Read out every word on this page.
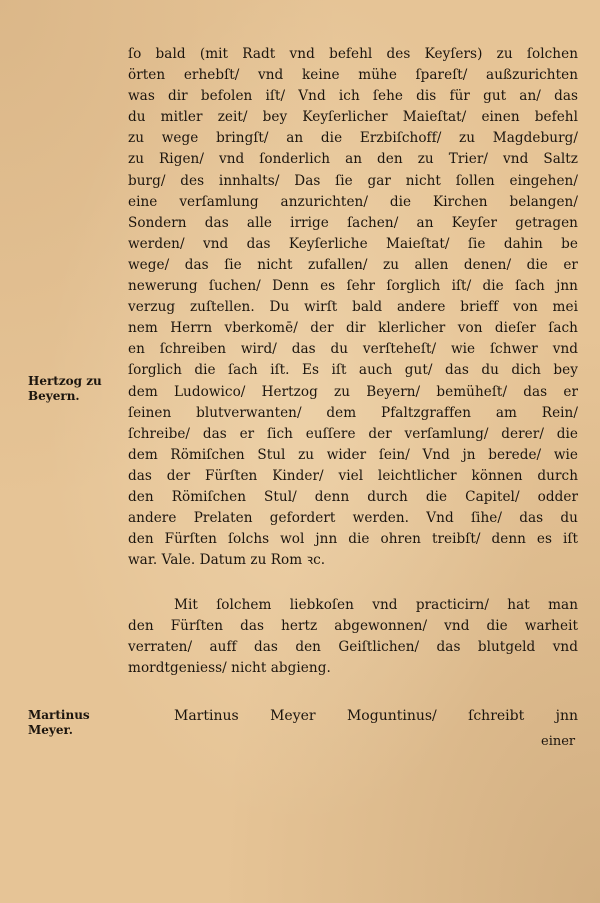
ſo bald (mit Radt vnd befehl des Keyſers) zu ſolchen
örten erhebſt/ vnd keine mühe ſpareſt/ außzurichten
was dir befolen iſt/ Vnd ich ſehe dis für gut an/ das
du mitler zeit/ bey Keyſerlicher Maieſtat/ einen befehl
zu wege bringſt/ an die Erzbiſchoff/ zu Magdeburg/
zu Rigen/ vnd ſonderlich an den zu Trier/ vnd Saltz
burg/ des innhalts/ Das ſie gar nicht ſollen eingehen/
eine verſamlung anzurichten/ die Kirchen belangen/
Sondern das alle irrige ſachen/ an Keyſer getragen
werden/ vnd das Keyſerliche Maieſtat/ ſie dahin be
wege/ das ſie nicht zufallen/ zu allen denen/ die er
newerung ſuchen/ Denn es ſehr ſorglich iſt/ die ſach jnn
verzug zuſtellen. Du wirſt bald andere brieff von mei
nem Herrn vberkomē/ der dir klerlicher von dieſer ſach
en ſchreiben wird/ das du verſteheſt/ wie ſchwer vnd
ſorglich die ſach iſt. Es iſt auch gut/ das du dich bey
dem Ludowico/ Hertzog zu Beyern/ bemüheſt/ das er
ſeinen blutverwanten/ dem Pfaltzgraffen am Rein/
ſchreibe/ das er ſich euſſere der verſamlung/ derer/ die
dem Römiſchen Stul zu wider ſein/ Vnd jn berede/ wie
das der Fürſten Kinder/ viel leichtlicher können durch
den Römiſchen Stul/ denn durch die Capitel/ odder
andere Prelaten gefordert werden. Vnd ſihe/ das du
den Fürſten ſolchs wol jnn die ohren treibſt/ denn es iſt
war. Vale. Datum zu Rom ꝛc.
Hertzog zu
Beyern.
Mit ſolchem liebkoſen vnd practicirn/ hat man
den Fürſten das hertz abgewonnen/ vnd die warheit
verraten/ auff das den Geiſtlichen/ das blutgeld vnd
mordtgeniess/ nicht abgieng.
Martinus
Meyer.
Martinus Meyer Moguntinus/ ſchreibt jnn
einer
